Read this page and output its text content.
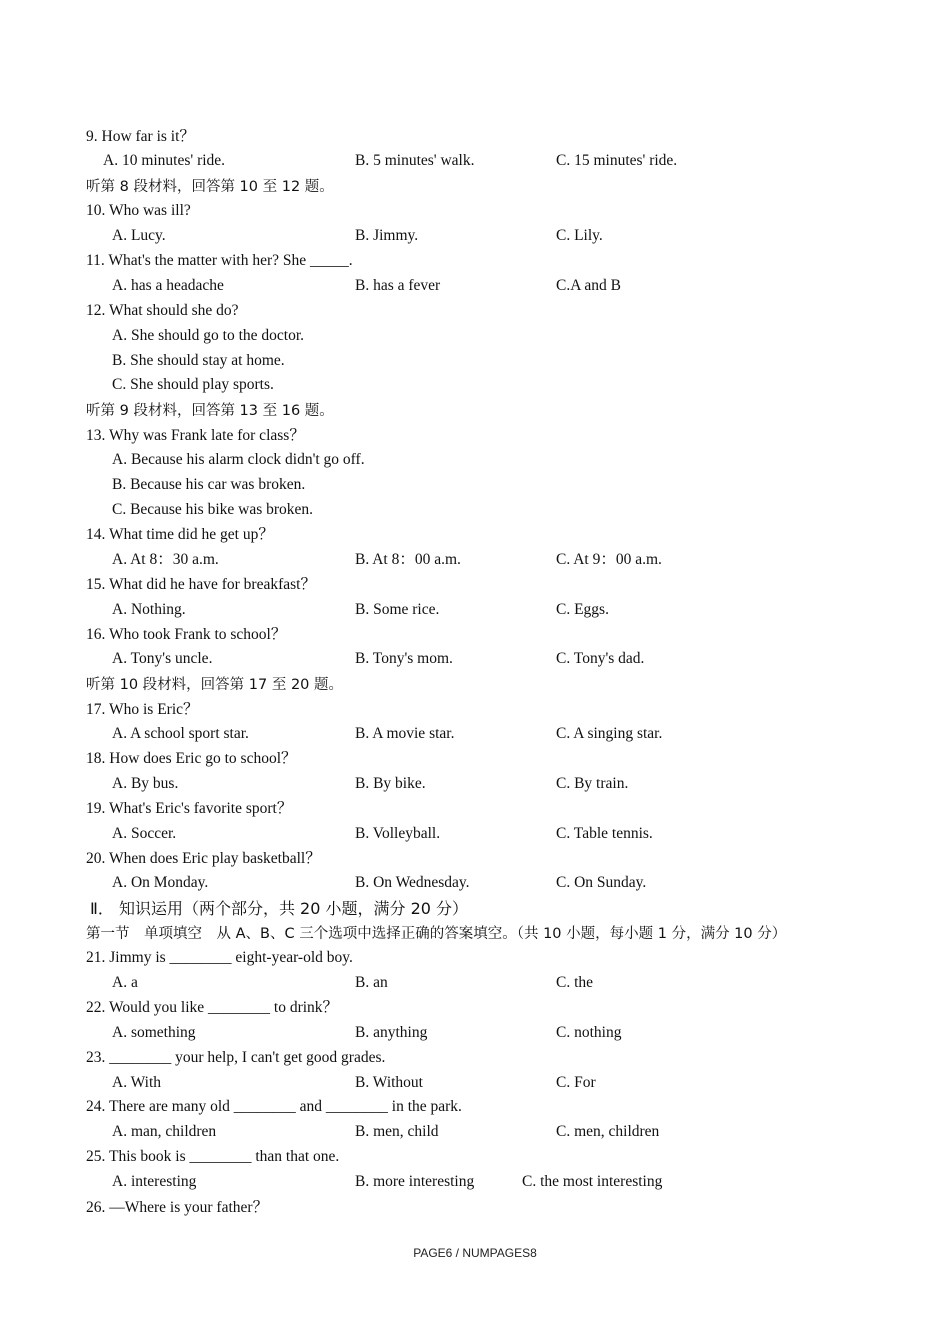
9. How far is it？
A. 10 minutes' ride.	B. 5 minutes' walk.	C. 15 minutes' ride.
听第 8 段材料，回答第 10 至 12 题。
10. Who was ill?
A. Lucy.	B. Jimmy.	C. Lily.
11. What's the matter with her? She _____.
A. has a headache	B. has a fever	C.A and B
12. What should she do?
A. She should go to the doctor.
B. She should stay at home.
C. She should play sports.
听第 9 段材料，回答第 13 至 16 题。
13. Why was Frank late for class？
A. Because his alarm clock didn't go off.
B. Because his car was broken.
C. Because his bike was broken.
14. What time did he get up？
A. At 8：30 a.m.	B. At 8：00 a.m.	C. At 9：00 a.m.
15. What did he have for breakfast？
A. Nothing.	B. Some rice.	C. Eggs.
16. Who took Frank to school？
A. Tony's uncle.	B. Tony's mom.	C. Tony's dad.
听第 10 段材料，回答第 17 至 20 题。
17. Who is Eric？
A. A school sport star.	B. A movie star.	C. A singing star.
18. How does Eric go to school？
A. By bus.	B. By bike.	C. By train.
19. What's Eric's favorite sport？
A. Soccer.	B. Volleyball.	C. Table tennis.
20. When does Eric play basketball？
A. On Monday.	B. On Wednesday.	C. On Sunday.
Ⅱ． 知识运用（两个部分，共 20 小题，满分 20 分）
第一节　单项填空　从 A、B、C 三个选项中选择正确的答案填空。（共 10 小题，每小题 1 分，满分 10 分）
21. Jimmy is ________ eight-year-old boy.
A. a	B. an	C. the
22. Would you like ________ to drink？
A. something	B. anything	C. nothing
23. ________ your help, I can't get good grades.
A. With	B. Without	C. For
24. There are many old ________ and ________ in the park.
A. man, children	B. men, child	C. men, children
25. This book is ________ than that one.
A. interesting	B. more interesting	C. the most interesting
26. —Where is your father？
PAGE6 / NUMPAGES8
